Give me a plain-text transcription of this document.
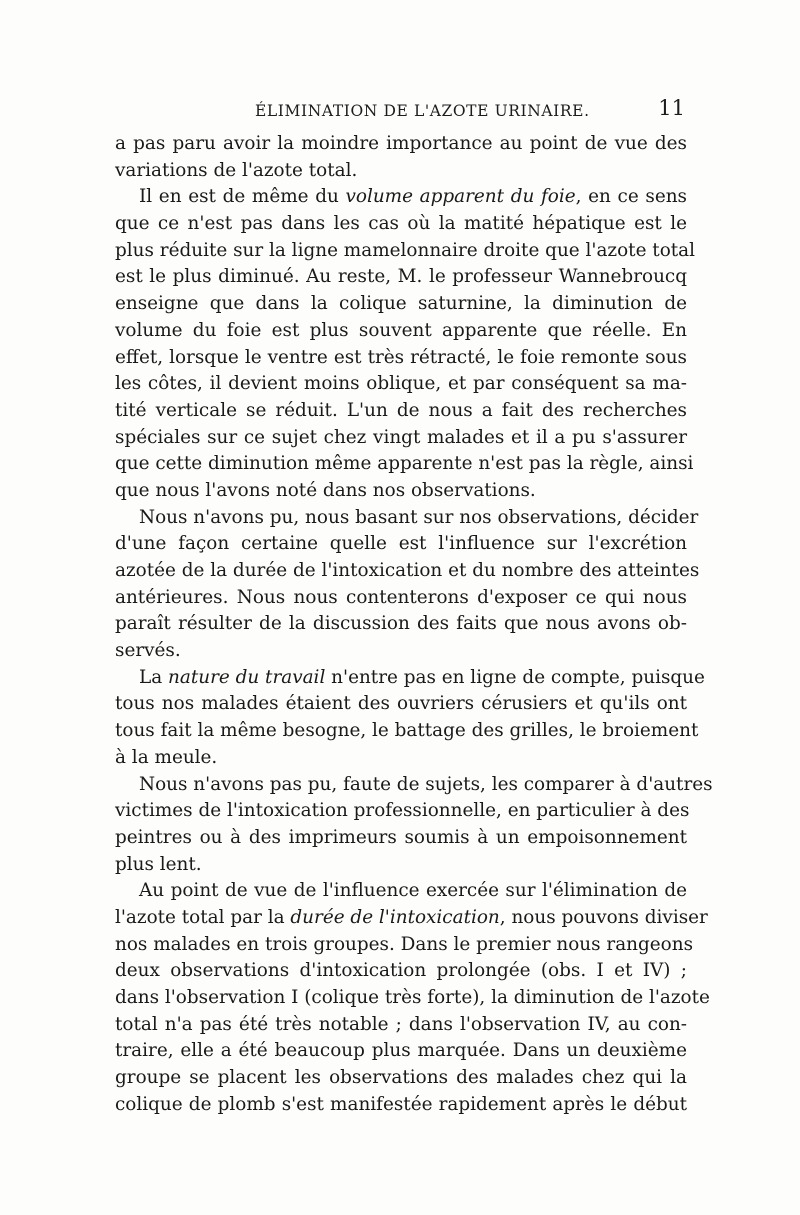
ÉLIMINATION DE L'AZOTE URINAIRE.	11
a pas paru avoir la moindre importance au point de vue des
variations de l'azote total.
Il en est de même du volume apparent du foie, en ce sens
que ce n'est pas dans les cas où la matité hépatique est le
plus réduite sur la ligne mamelonnaire droite que l'azote total
est le plus diminué. Au reste, M. le professeur Wannebroucq
enseigne que dans la colique saturnine, la diminution de
volume du foie est plus souvent apparente que réelle. En
effet, lorsque le ventre est très rétracté, le foie remonte sous
les côtes, il devient moins oblique, et par conséquent sa ma-
tité verticale se réduit. L'un de nous a fait des recherches
spéciales sur ce sujet chez vingt malades et il a pu s'assurer
que cette diminution même apparente n'est pas la règle, ainsi
que nous l'avons noté dans nos observations.
Nous n'avons pu, nous basant sur nos observations, décider
d'une façon certaine quelle est l'influence sur l'excrétion
azotée de la durée de l'intoxication et du nombre des atteintes
antérieures. Nous nous contenterons d'exposer ce qui nous
paraît résulter de la discussion des faits que nous avons ob-
servés.
La nature du travail n'entre pas en ligne de compte, puisque
tous nos malades étaient des ouvriers cérusiers et qu'ils ont
tous fait la même besogne, le battage des grilles, le broiement
à la meule.
Nous n'avons pas pu, faute de sujets, les comparer à d'autres
victimes de l'intoxication professionnelle, en particulier à des
peintres ou à des imprimeurs soumis à un empoisonnement
plus lent.
Au point de vue de l'influence exercée sur l'élimination de
l'azote total par la durée de l'intoxication, nous pouvons diviser
nos malades en trois groupes. Dans le premier nous rangeons
deux observations d'intoxication prolongée (obs. I et IV) ;
dans l'observation I (colique très forte), la diminution de l'azote
total n'a pas été très notable ; dans l'observation IV, au con-
traire, elle a été beaucoup plus marquée. Dans un deuxième
groupe se placent les observations des malades chez qui la
colique de plomb s'est manifestée rapidement après le début
